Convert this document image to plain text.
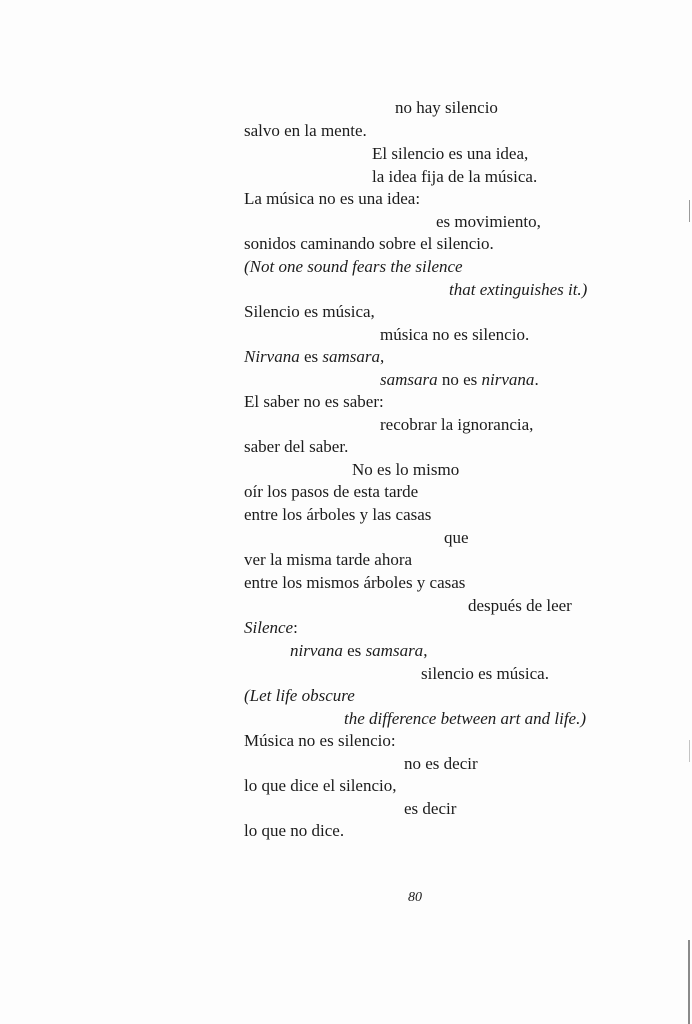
no hay silencio
salvo en la mente.
El silencio es una idea,
la idea fija de la música.
La música no es una idea:
es movimiento,
sonidos caminando sobre el silencio.
(Not one sound fears the silence
that extinguishes it.)
Silencio es música,
música no es silencio.
Nirvana es samsara,
samsara no es nirvana.
El saber no es saber:
recobrar la ignorancia,
saber del saber.
No es lo mismo
oír los pasos de esta tarde
entre los árboles y las casas
que
ver la misma tarde ahora
entre los mismos árboles y casas
después de leer
Silence:
nirvana es samsara,
silencio es música.
(Let life obscure
the difference between art and life.)
Música no es silencio:
no es decir
lo que dice el silencio,
es decir
lo que no dice.
80
